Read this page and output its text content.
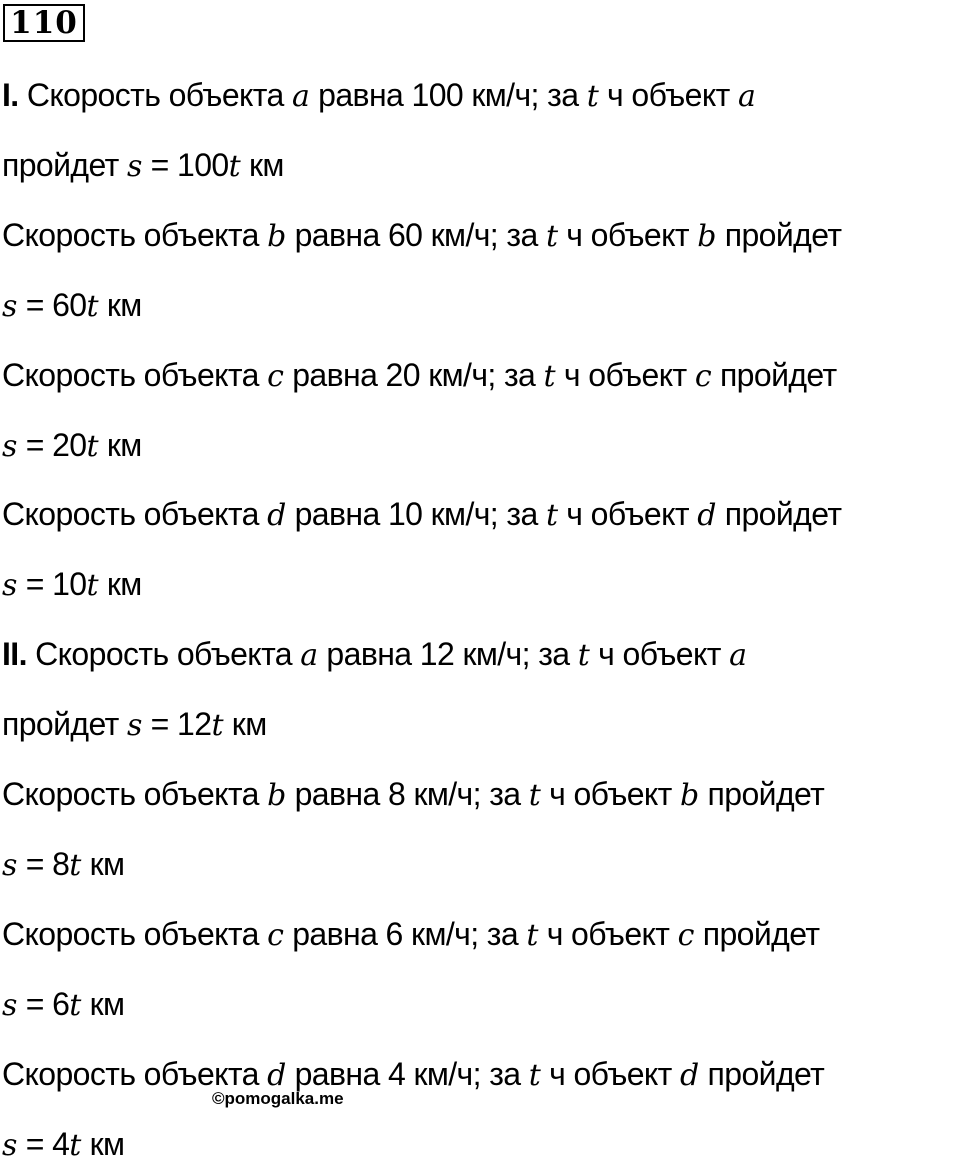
110
I. Скорость объекта a равна 100 км/ч; за t ч объект a
пройдет s = 100t км
Скорость объекта b равна 60 км/ч; за t ч объект b пройдет
s = 60t км
Скорость объекта c равна 20 км/ч; за t ч объект c пройдет
s = 20t км
Скорость объекта d равна 10 км/ч; за t ч объект d пройдет
s = 10t км
II. Скорость объекта a равна 12 км/ч; за t ч объект a
пройдет s = 12t км
Скорость объекта b равна 8 км/ч; за t ч объект b пройдет
s = 8t км
Скорость объекта c равна 6 км/ч; за t ч объект c пройдет
s = 6t км
Скорость объекта d равна 4 км/ч; за t ч объект d пройдет
s = 4t км
©pomogalka.me
